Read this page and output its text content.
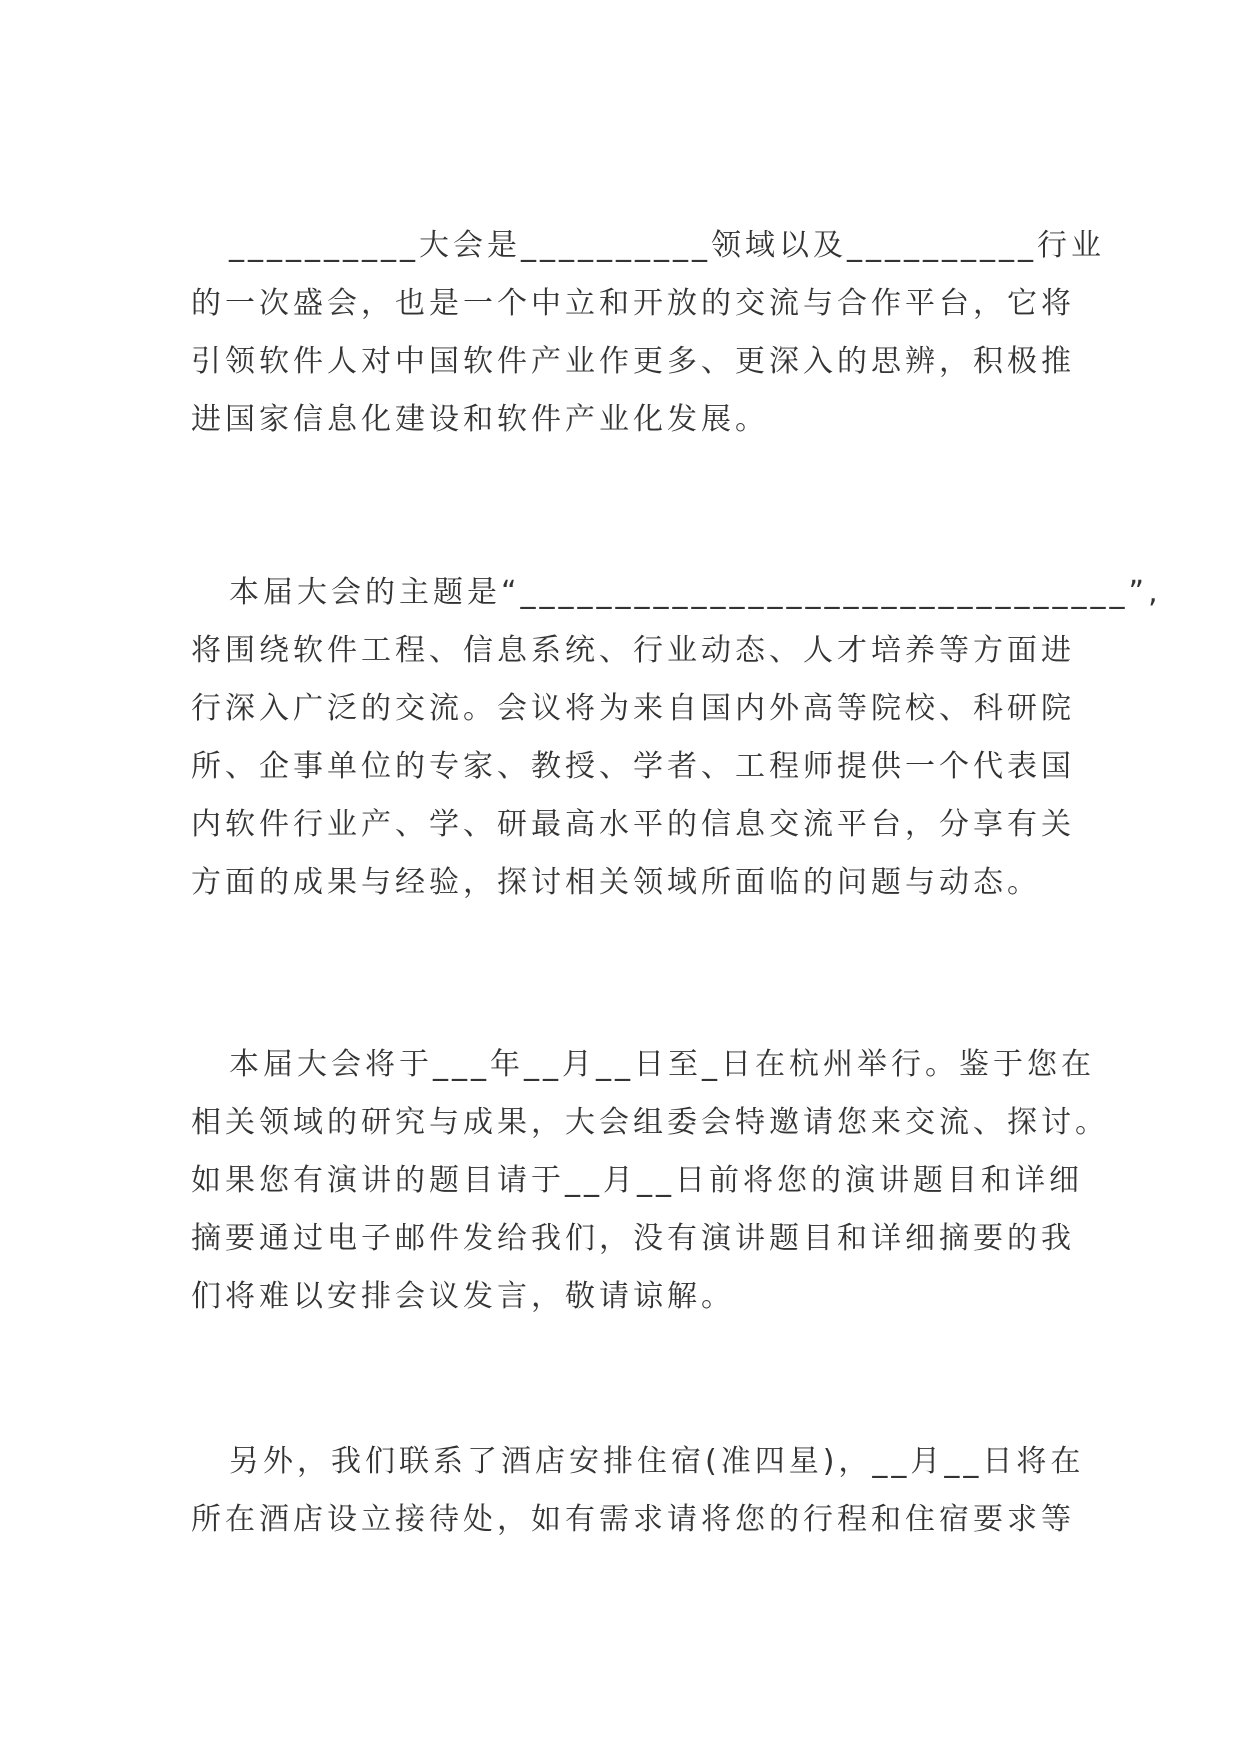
__________大会是__________领域以及__________行业
的一次盛会，也是一个中立和开放的交流与合作平台，它将
引领软件人对中国软件产业作更多、更深入的思辨，积极推
进国家信息化建设和软件产业化发展。
本届大会的主题是“________________________________”,
将围绕软件工程、信息系统、行业动态、人才培养等方面进
行深入广泛的交流。会议将为来自国内外高等院校、科研院
所、企事单位的专家、教授、学者、工程师提供一个代表国
内软件行业产、学、研最高水平的信息交流平台，分享有关
方面的成果与经验，探讨相关领域所面临的问题与动态。
本届大会将于___年__月__日至_日在杭州举行。鉴于您在
相关领域的研究与成果，大会组委会特邀请您来交流、探讨。
如果您有演讲的题目请于__月__日前将您的演讲题目和详细
摘要通过电子邮件发给我们，没有演讲题目和详细摘要的我
们将难以安排会议发言，敬请谅解。
另外，我们联系了酒店安排住宿(准四星)，__月__日将在
所在酒店设立接待处，如有需求请将您的行程和住宿要求等
